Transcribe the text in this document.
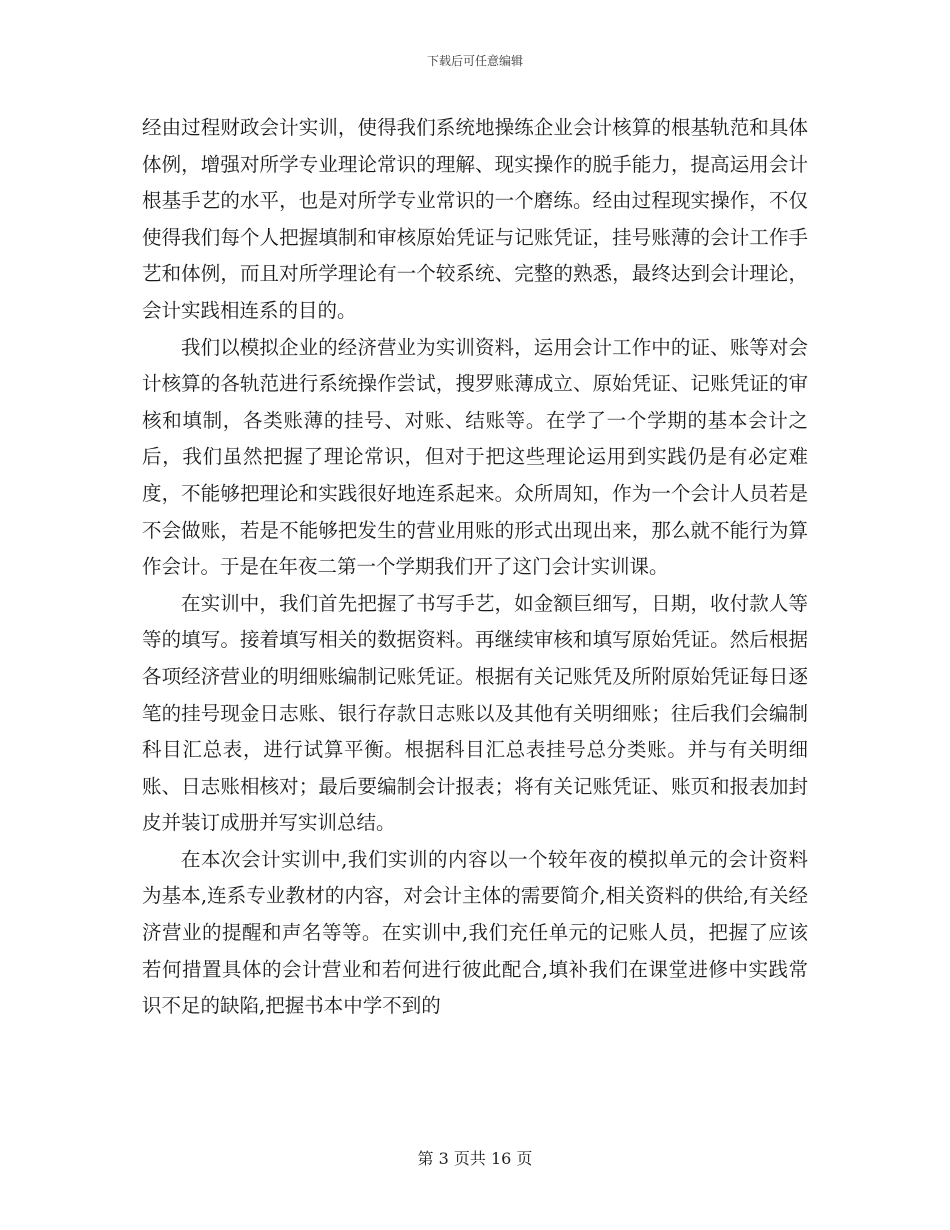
下载后可任意编辑

经由过程财政会计实训，使得我们系统地操练企业会计核算的根基轨范和具体体例，增强对所学专业理论常识的理解、现实操作的脱手能力，提高运用会计根基手艺的水平，也是对所学专业常识的一个磨练。经由过程现实操作，不仅使得我们每个人把握填制和审核原始凭证与记账凭证，挂号账薄的会计工作手艺和体例，而且对所学理论有一个较系统、完整的熟悉，最终达到会计理论，会计实践相连系的目的。

我们以模拟企业的经济营业为实训资料，运用会计工作中的证、账等对会计核算的各轨范进行系统操作尝试，搜罗账薄成立、原始凭证、记账凭证的审核和填制，各类账薄的挂号、对账、结账等。在学了一个学期的基本会计之后，我们虽然把握了理论常识，但对于把这些理论运用到实践仍是有必定难度，不能够把理论和实践很好地连系起来。众所周知，作为一个会计人员若是不会做账，若是不能够把发生的营业用账的形式出现出来，那么就不能行为算作会计。于是在年夜二第一个学期我们开了这门会计实训课。

在实训中，我们首先把握了书写手艺，如金额巨细写，日期，收付款人等等的填写。接着填写相关的数据资料。再继续审核和填写原始凭证。然后根据各项经济营业的明细账编制记账凭证。根据有关记账凭及所附原始凭证每日逐笔的挂号现金日志账、银行存款日志账以及其他有关明细账；往后我们会编制科目汇总表，进行试算平衡。根据科目汇总表挂号总分类账。并与有关明细账、日志账相核对；最后要编制会计报表；将有关记账凭证、账页和报表加封皮并装订成册并写实训总结。

在本次会计实训中,我们实训的内容以一个较年夜的模拟单元的会计资料为基本,连系专业教材的内容，对会计主体的需要简介,相关资料的供给,有关经济营业的提醒和声名等等。在实训中,我们充任单元的记账人员，把握了应该若何措置具体的会计营业和若何进行彼此配合,填补我们在课堂进修中实践常识不足的缺陷,把握书本中学不到的

第 3 页共 16 页
